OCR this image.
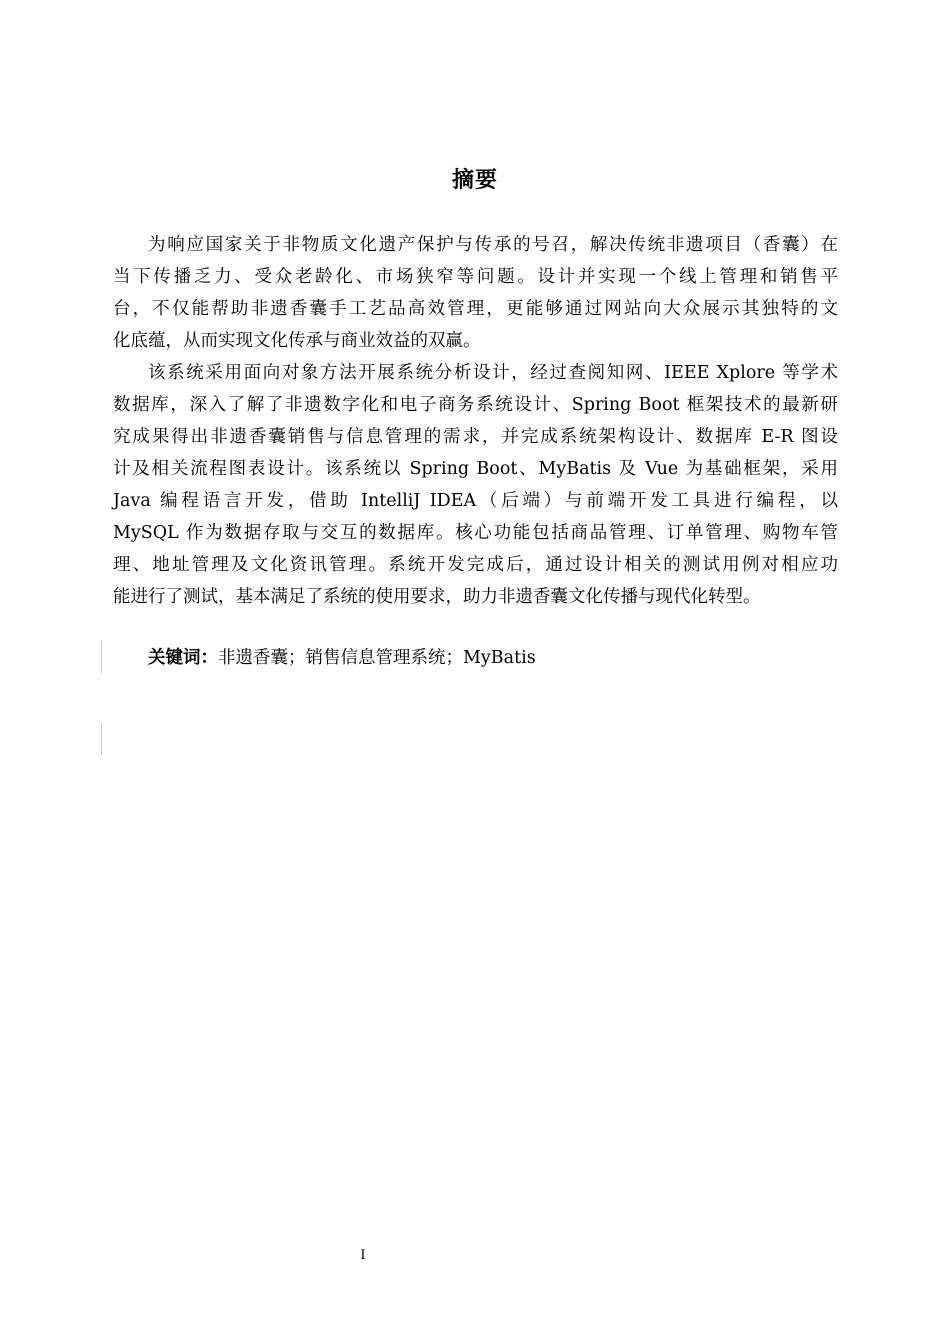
摘要
为响应国家关于非物质文化遗产保护与传承的号召，解决传统非遗项目（香囊）在
当下传播乏力、受众老龄化、市场狭窄等问题。设计并实现一个线上管理和销售平
台，不仅能帮助非遗香囊手工艺品高效管理，更能够通过网站向大众展示其独特的文
化底蕴，从而实现文化传承与商业效益的双赢。
该系统采用面向对象方法开展系统分析设计，经过查阅知网、IEEE Xplore 等学术
数据库，深入了解了非遗数字化和电子商务系统设计、Spring Boot 框架技术的最新研
究成果得出非遗香囊销售与信息管理的需求，并完成系统架构设计、数据库 E-R 图设
计及相关流程图表设计。该系统以 Spring Boot、MyBatis 及 Vue 为基础框架，采用
Java 编程语言开发，借助 IntelliJ IDEA（后端）与前端开发工具进行编程，以
MySQL 作为数据存取与交互的数据库。核心功能包括商品管理、订单管理、购物车管
理、地址管理及文化资讯管理。系统开发完成后，通过设计相关的测试用例对相应功
能进行了测试，基本满足了系统的使用要求，助力非遗香囊文化传播与现代化转型。
关键词：非遗香囊；销售信息管理系统；MyBatis
I
